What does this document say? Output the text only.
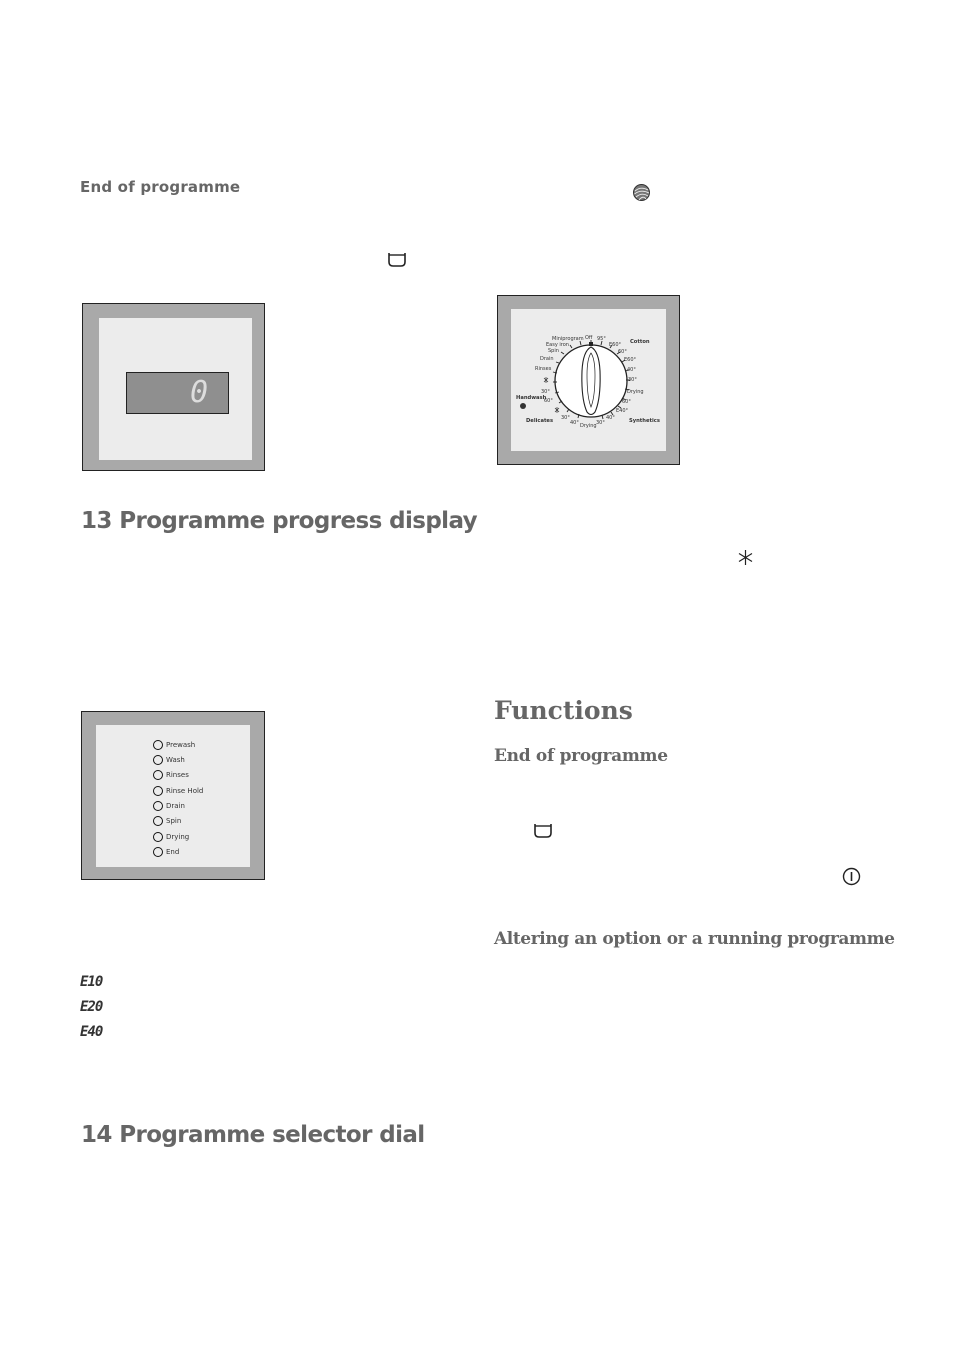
End of programme
0
13 Programme progress display
Prewash
Wash
Rinses
Rinse Hold
Drain
Spin
Drying
End
E10
E20
E40
14 Programme selector dial
Miniprogram
Easy iron
Spin
Drain
Rinses
30°
60°
30°
Off 95°
E60°
60°
E60°
40°
30°
Drying
60°
E40°
40°
40° Drying 30°
Cotton
Synthetics
Delicates
Handwash
Functions
End of programme
Altering an option or a running programme
